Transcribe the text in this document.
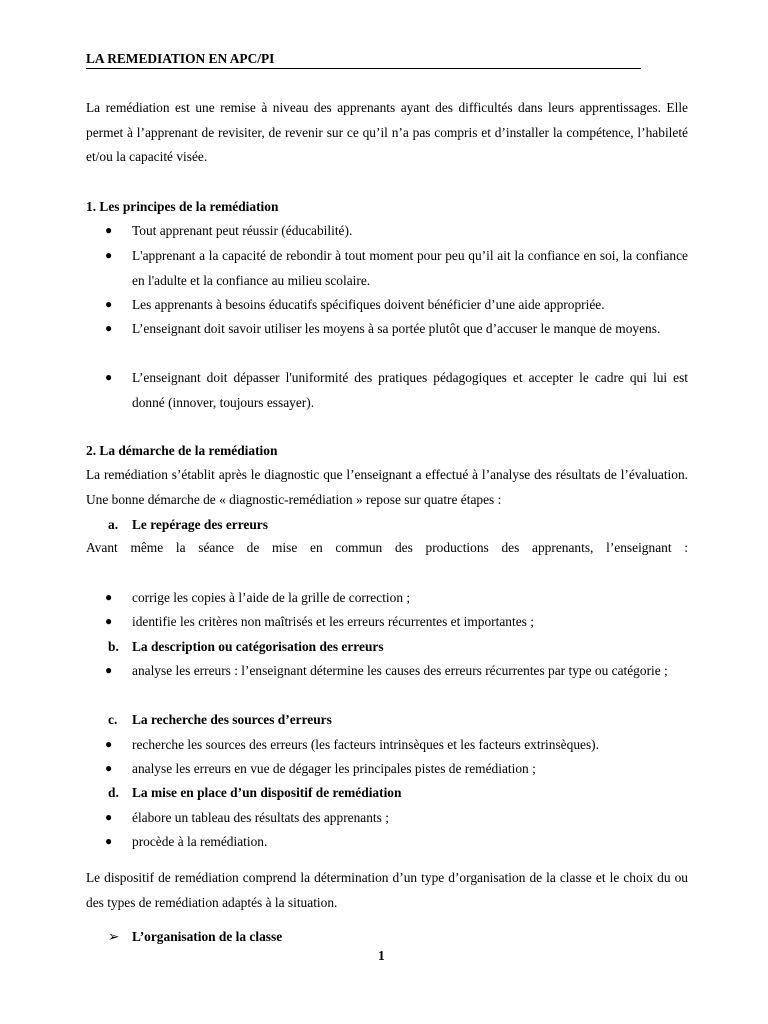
LA REMEDIATION EN APC/PI
La remédiation est une remise à niveau des apprenants ayant des difficultés dans leurs apprentissages. Elle permet à l’apprenant de revisiter, de revenir sur ce qu’il n’a pas compris et d’installer la compétence, l’habileté et/ou la capacité visée.
1. Les principes de la remédiation
● Tout apprenant peut réussir (éducabilité).
● L'apprenant a la capacité de rebondir à tout moment pour peu qu’il ait la confiance en soi, la confiance en l'adulte et la confiance au milieu scolaire.
● Les apprenants à besoins éducatifs spécifiques doivent bénéficier d’une aide appropriée.
● L’enseignant doit savoir utiliser les moyens à sa portée plutôt que d’accuser le manque de moyens.
● L’enseignant doit dépasser l'uniformité des pratiques pédagogiques et accepter le cadre qui lui est donné (innover, toujours essayer).
2. La démarche de la remédiation
La remédiation s’établit après le diagnostic que l’enseignant a effectué à l’analyse des résultats de l’évaluation. Une bonne démarche de « diagnostic-remédiation » repose sur quatre étapes :
a. Le repérage des erreurs
Avant même la séance de mise en commun des productions des apprenants, l’enseignant :
● corrige les copies à l’aide de la grille de correction ;
● identifie les critères non maîtrisés et les erreurs récurrentes et importantes ;
b. La description ou catégorisation des erreurs
● analyse les erreurs : l’enseignant détermine les causes des erreurs récurrentes par type ou catégorie ;
c. La recherche des sources d’erreurs
● recherche les sources des erreurs (les facteurs intrinsèques et les facteurs extrinsèques).
● analyse les erreurs en vue de dégager les principales pistes de remédiation ;
d. La mise en place d’un dispositif de remédiation
● élabore un tableau des résultats des apprenants ;
● procède à la remédiation.
Le dispositif de remédiation comprend la détermination d’un type d’organisation de la classe et le choix du ou des types de remédiation adaptés à la situation.
➢ L’organisation de la classe
1
